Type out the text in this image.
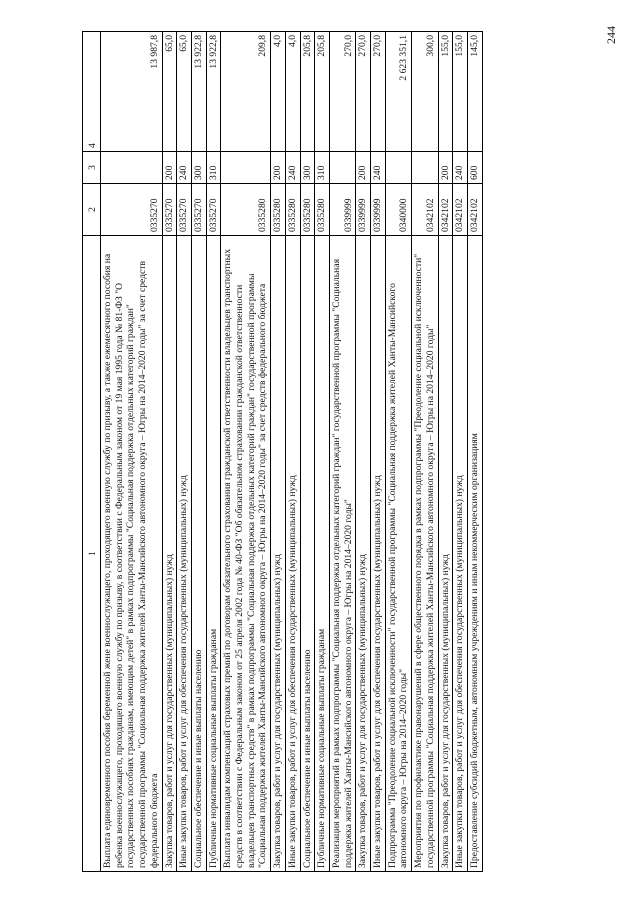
244
1	2	3	4
Выплата единовременного пособия беременной жене военнослужащего, проходящего военную службу по призыву, а также ежемесячного пособия на ребенка военнослужащего, проходящего военную службу по призыву, в соответствии с Федеральным законом от 19 мая 1995 года № 81-ФЗ "О государственных пособиях гражданам, имеющим детей" в рамках подпрограммы "Социальная поддержка отдельных категорий граждан" государственной программы "Социальная поддержка жителей Ханты-Мансийского автономного округа – Югры на 2014–2020 годы" за счет средств федерального бюджета	0335270		13 987,8
Закупка товаров, работ и услуг для государственных (муниципальных) нужд	0335270	200	65,0
Иные закупки товаров, работ и услуг для обеспечения государственных (муниципальных) нужд	0335270	240	65,0
Социальное обеспечение и иные выплаты населению	0335270	300	13 922,8
Публичные нормативные социальные выплаты гражданам	0335270	310	13 922,8
Выплата инвалидам компенсаций страховых премий по договорам обязательного страхования гражданской ответственности владельцев транспортных средств в соответствии с Федеральным законом от 25 апреля 2002 года № 40-ФЗ "Об обязательном страховании гражданской ответственности владельцев транспортных средств" в рамках подпрограммы "Социальная поддержка отдельных категорий граждан" государственной программы "Социальная поддержка жителей Ханты-Мансийского автономного округа – Югры на 2014–2020 годы" за счет средств федерального бюджета	0335280		209,8
Закупка товаров, работ и услуг для государственных (муниципальных) нужд	0335280	200	4,0
Иные закупки товаров, работ и услуг для обеспечения государственных (муниципальных) нужд	0335280	240	4,0
Социальное обеспечение и иные выплаты населению	0335280	300	205,8
Публичные нормативные социальные выплаты гражданам	0335280	310	205,8
Реализация мероприятий в рамках подпрограммы "Социальная поддержка отдельных категорий граждан" государственной программы "Социальная поддержка жителей Ханты-Мансийского автономного округа – Югры на 2014–2020 годы"	0339999		270,0
Закупка товаров, работ и услуг для государственных (муниципальных) нужд	0339999	200	270,0
Иные закупки товаров, работ и услуг для обеспечения государственных (муниципальных) нужд	0339999	240	270,0
Подпрограмма "Преодоление социальной исключенности" государственной программы "Социальная поддержка жителей Ханты-Мансийского автономного округа – Югры на 2014–2020 годы"	0340000		2 623 351,1
Мероприятия по профилактике правонарушений в сфере общественного порядка в рамках подпрограммы "Преодоление социальной исключенности" государственной программы "Социальная поддержка жителей Ханты-Мансийского автономного округа – Югры на 2014–2020 годы"	0342102		300,0
Закупка товаров, работ и услуг для государственных (муниципальных) нужд	0342102	200	155,0
Иные закупки товаров, работ и услуг для обеспечения государственных (муниципальных) нужд	0342102	240	155,0
Предоставление субсидий бюджетным, автономным учреждениям и иным некоммерческим организациям	0342102	600	145,0
